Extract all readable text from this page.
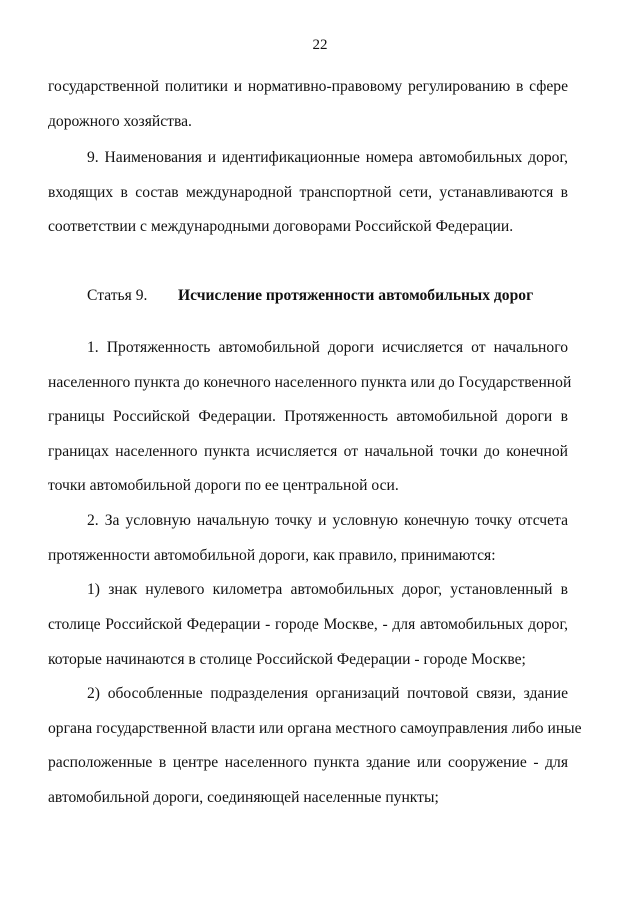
22
государственной политики и нормативно-правовому регулированию в сфере
дорожного хозяйства.
9. Наименования и идентификационные номера автомобильных дорог,
входящих в состав международной транспортной сети, устанавливаются в
соответствии с международными договорами Российской Федерации.
Статья 9. Исчисление протяженности автомобильных дорог
1. Протяженность автомобильной дороги исчисляется от начального
населенного пункта до конечного населенного пункта или до Государственной
границы Российской Федерации. Протяженность автомобильной дороги в
границах населенного пункта исчисляется от начальной точки до конечной
точки автомобильной дороги по ее центральной оси.
2. За условную начальную точку и условную конечную точку отсчета
протяженности автомобильной дороги, как правило, принимаются:
1) знак нулевого километра автомобильных дорог, установленный в
столице Российской Федерации - городе Москве, - для автомобильных дорог,
которые начинаются в столице Российской Федерации - городе Москве;
2) обособленные подразделения организаций почтовой связи, здание
органа государственной власти или органа местного самоуправления либо иные
расположенные в центре населенного пункта здание или сооружение - для
автомобильной дороги, соединяющей населенные пункты;
